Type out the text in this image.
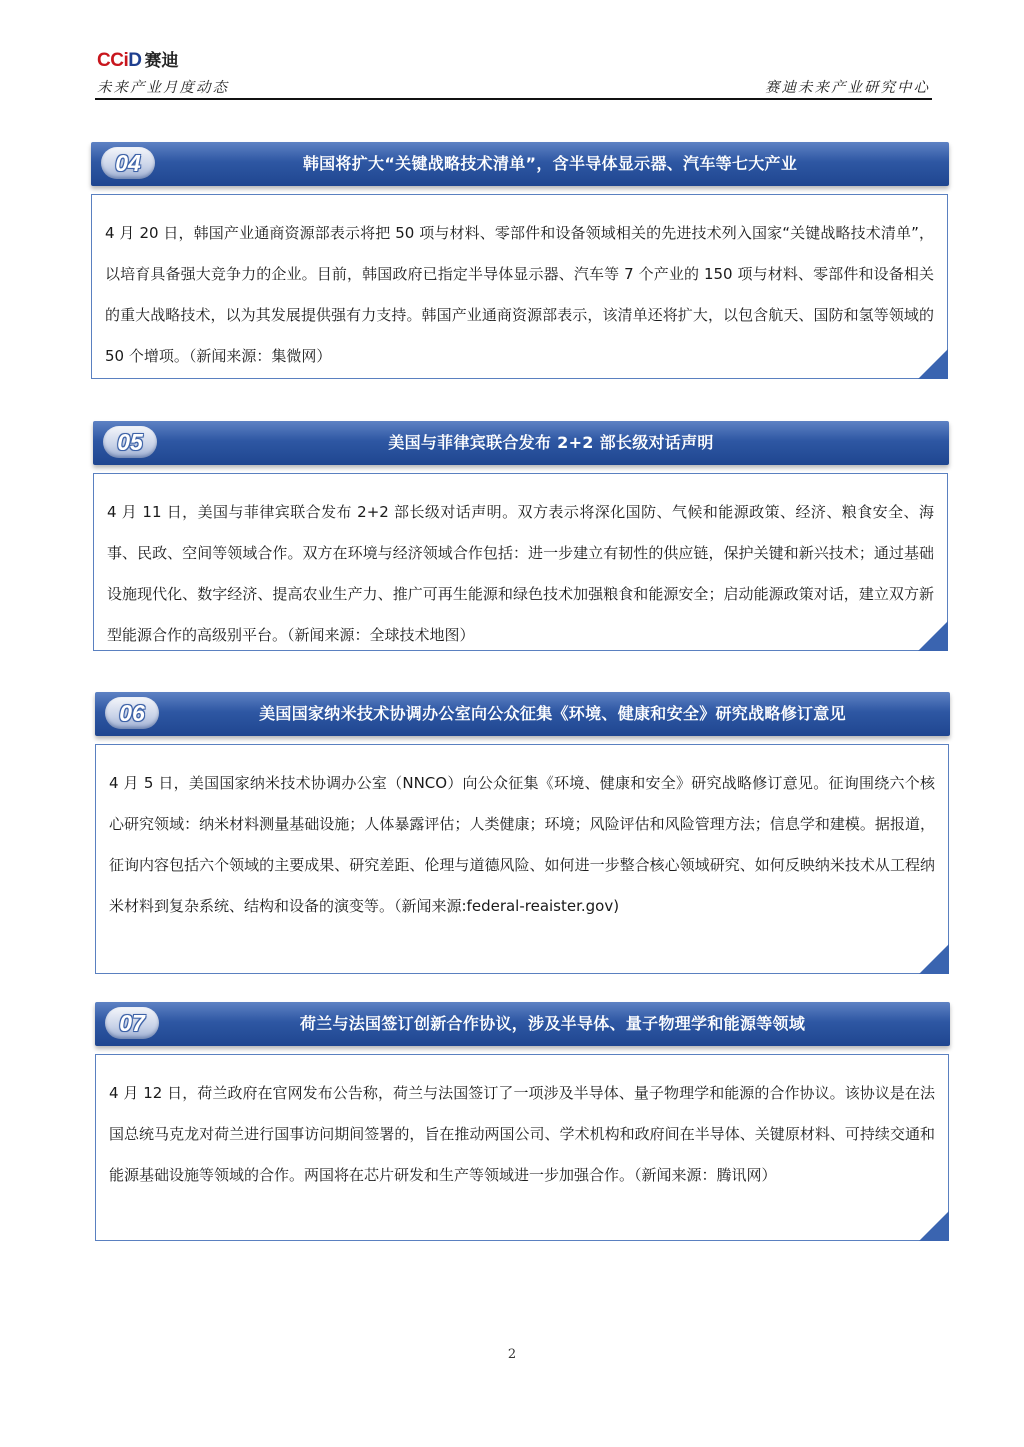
CCiD 赛迪
未来产业月度动态	赛迪未来产业研究中心
04	韩国将扩大“关键战略技术清单”，含半导体显示器、汽车等七大产业
4 月 20 日，韩国产业通商资源部表示将把 50 项与材料、零部件和设备领域相关的先进技术列入国家“关键战略技术清单”，以培育具备强大竞争力的企业。目前，韩国政府已指定半导体显示器、汽车等 7 个产业的 150 项与材料、零部件和设备相关的重大战略技术，以为其发展提供强有力支持。韩国产业通商资源部表示，该清单还将扩大，以包含航天、国防和氢等领域的 50 个增项。（新闻来源：集微网）
05	美国与菲律宾联合发布 2+2 部长级对话声明
4 月 11 日，美国与菲律宾联合发布 2+2 部长级对话声明。双方表示将深化国防、气候和能源政策、经济、粮食安全、海事、民政、空间等领域合作。双方在环境与经济领域合作包括：进一步建立有韧性的供应链，保护关键和新兴技术；通过基础设施现代化、数字经济、提高农业生产力、推广可再生能源和绿色技术加强粮食和能源安全；启动能源政策对话，建立双方新型能源合作的高级别平台。（新闻来源：全球技术地图）
06	美国国家纳米技术协调办公室向公众征集《环境、健康和安全》研究战略修订意见
4 月 5 日，美国国家纳米技术协调办公室（NNCO）向公众征集《环境、健康和安全》研究战略修订意见。征询围绕六个核心研究领域：纳米材料测量基础设施；人体暴露评估；人类健康；环境；风险评估和风险管理方法；信息学和建模。据报道，征询内容包括六个领域的主要成果、研究差距、伦理与道德风险、如何进一步整合核心领域研究、如何反映纳米技术从工程纳米材料到复杂系统、结构和设备的演变等。（新闻来源:federal-reaister.gov)
07	荷兰与法国签订创新合作协议，涉及半导体、量子物理学和能源等领域
4 月 12 日，荷兰政府在官网发布公告称，荷兰与法国签订了一项涉及半导体、量子物理学和能源的合作协议。该协议是在法国总统马克龙对荷兰进行国事访问期间签署的，旨在推动两国公司、学术机构和政府间在半导体、关键原材料、可持续交通和能源基础设施等领域的合作。两国将在芯片研发和生产等领域进一步加强合作。（新闻来源：腾讯网）
2
